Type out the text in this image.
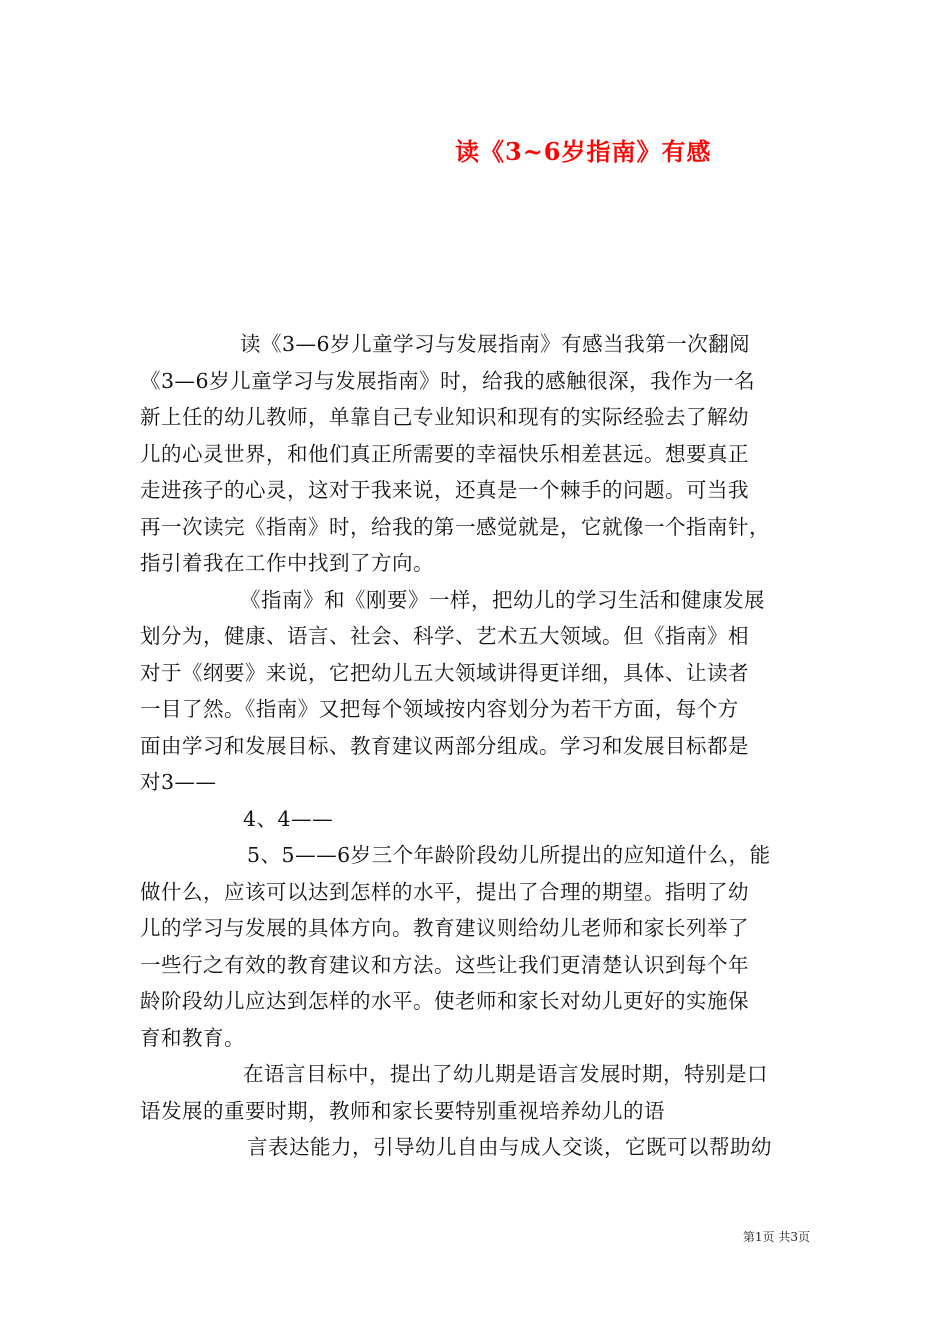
读《3~6岁指南》有感
读《3—6岁儿童学习与发展指南》有感当我第一次翻阅
《3—6岁儿童学习与发展指南》时，给我的感触很深，我作为一名
新上任的幼儿教师，单靠自己专业知识和现有的实际经验去了解幼
儿的心灵世界，和他们真正所需要的幸福快乐相差甚远。想要真正
走进孩子的心灵，这对于我来说，还真是一个棘手的问题。可当我
再一次读完《指南》时，给我的第一感觉就是，它就像一个指南针，
指引着我在工作中找到了方向。
《指南》和《刚要》一样，把幼儿的学习生活和健康发展
划分为，健康、语言、社会、科学、艺术五大领域。但《指南》相
对于《纲要》来说，它把幼儿五大领域讲得更详细，具体、让读者
一目了然。《指南》又把每个领域按内容划分为若干方面，每个方
面由学习和发展目标、教育建议两部分组成。学习和发展目标都是
对3——
4、4——
5、5——6岁三个年龄阶段幼儿所提出的应知道什么，能
做什么，应该可以达到怎样的水平，提出了合理的期望。指明了幼
儿的学习与发展的具体方向。教育建议则给幼儿老师和家长列举了
一些行之有效的教育建议和方法。这些让我们更清楚认识到每个年
龄阶段幼儿应达到怎样的水平。使老师和家长对幼儿更好的实施保
育和教育。
在语言目标中，提出了幼儿期是语言发展时期，特别是口
语发展的重要时期，教师和家长要特别重视培养幼儿的语
言表达能力，引导幼儿自由与成人交谈，它既可以帮助幼
第1页 共3页
